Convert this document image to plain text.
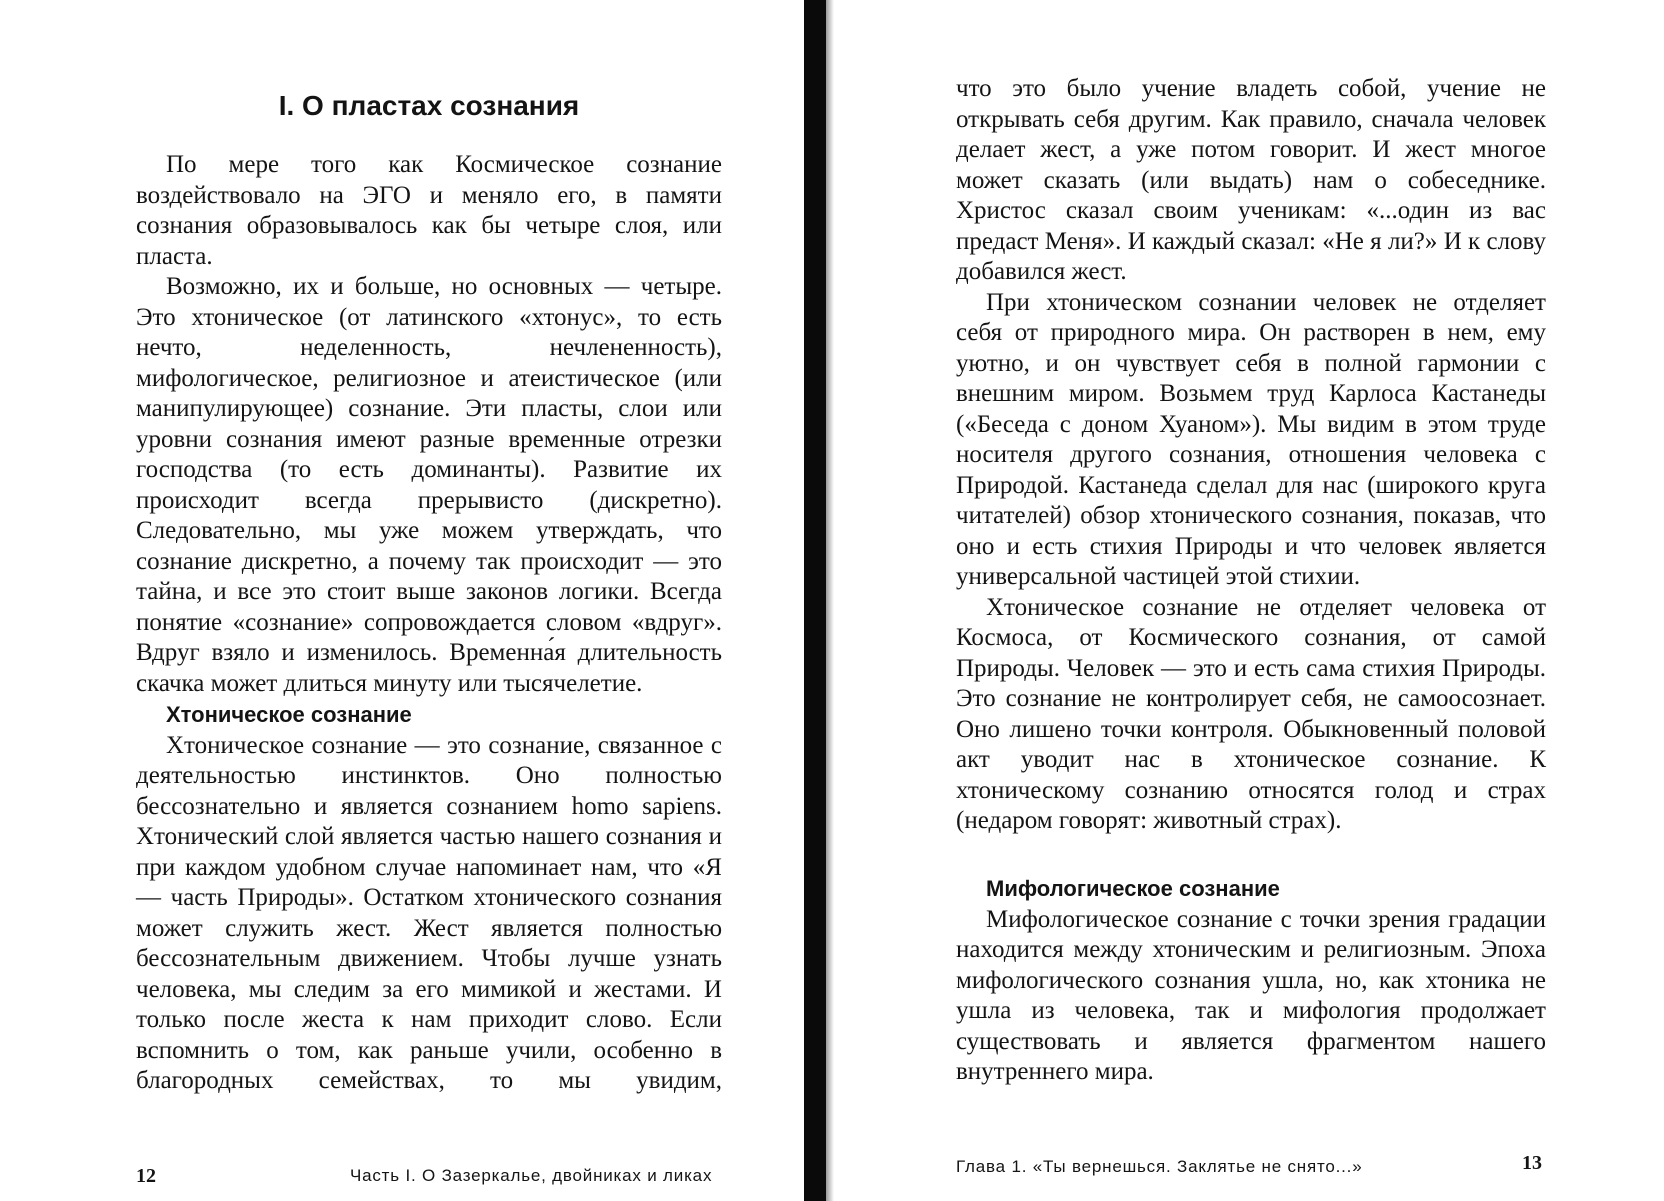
I. О пластах сознания

По мере того как Космическое сознание воздействовало на ЭГО и меняло его, в памяти сознания образовывалось как бы четыре слоя, или пласта.

Возможно, их и больше, но основных — четыре. Это хтоническое (от латинского «хтонус», то есть нечто, неделенность, нечлененность), мифологическое, религиозное и атеистическое (или манипулирующее) сознание. Эти пласты, слои или уровни сознания имеют разные временные отрезки господства (то есть доминанты). Развитие их происходит всегда прерывисто (дискретно). Следовательно, мы уже можем утверждать, что сознание дискретно, а почему так происходит — это тайна, и все это стоит выше законов логики. Всегда понятие «сознание» сопровождается словом «вдруг». Вдруг взяло и изменилось. Временна́я длительность скачка может длиться минуту или тысячелетие.

Хтоническое сознание

Хтоническое сознание — это сознание, связанное с деятельностью инстинктов. Оно полностью бессознательно и является сознанием homo sapiens. Хтонический слой является частью нашего сознания и при каждом удобном случае напоминает нам, что «Я — часть Природы». Остатком хтонического сознания может служить жест. Жест является полностью бессознательным движением. Чтобы лучше узнать человека, мы следим за его мимикой и жестами. И только после жеста к нам приходит слово. Если вспомнить о том, как раньше учили, особенно в благородных семействах, то мы увидим,

12	Часть I. О Зазеркалье, двойниках и ликах

что это было учение владеть собой, учение не открывать себя другим. Как правило, сначала человек делает жест, а уже потом говорит. И жест многое может сказать (или выдать) нам о собеседнике. Христос сказал своим ученикам: «...один из вас предаст Меня». И каждый сказал: «Не я ли?» И к слову добавился жест.

При хтоническом сознании человек не отделяет себя от природного мира. Он растворен в нем, ему уютно, и он чувствует себя в полной гармонии с внешним миром. Возьмем труд Карлоса Кастанеды («Беседа с доном Хуаном»). Мы видим в этом труде носителя другого сознания, отношения человека с Природой. Кастанеда сделал для нас (широкого круга читателей) обзор хтонического сознания, показав, что оно и есть стихия Природы и что человек является универсальной частицей этой стихии.

Хтоническое сознание не отделяет человека от Космоса, от Космического сознания, от самой Природы. Человек — это и есть сама стихия Природы. Это сознание не контролирует себя, не самоосознает. Оно лишено точки контроля. Обыкновенный половой акт уводит нас в хтоническое сознание. К хтоническому сознанию относятся голод и страх (недаром говорят: животный страх).

Мифологическое сознание

Мифологическое сознание с точки зрения градации находится между хтоническим и религиозным. Эпоха мифологического сознания ушла, но, как хтоника не ушла из человека, так и мифология продолжает существовать и является фрагментом нашего внутреннего мира.

Глава 1. «Ты вернешься. Заклятье не снято...»	13
